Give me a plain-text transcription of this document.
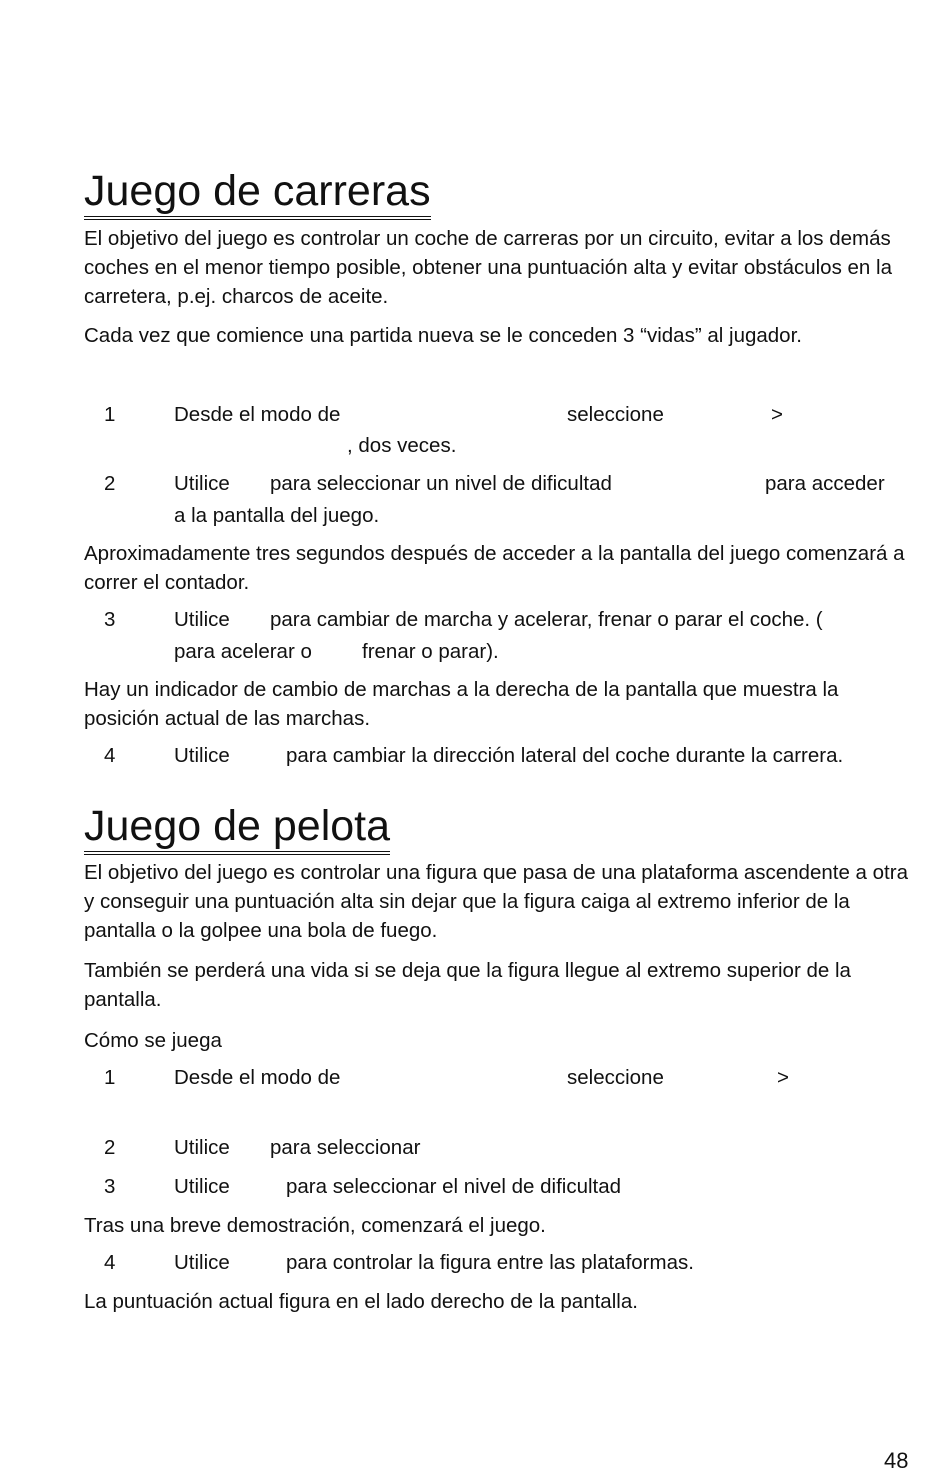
Juego de carreras

El objetivo del juego es controlar un coche de carreras por un circuito, evitar a los demás coches en el menor tiempo posible, obtener una puntuación alta y evitar obstáculos en la carretera, p.ej. charcos de aceite.

Cada vez que comience una partida nueva se le conceden 3 “vidas” al jugador.

1	Desde el modo de	seleccione	>
, dos veces.
2	Utilice para seleccionar un nivel de dificultad	para acceder
a la pantalla del juego.

Aproximadamente tres segundos después de acceder a la pantalla del juego comenzará a correr el contador.

3	Utilice para cambiar de marcha y acelerar, frenar o parar el coche. (
para acelerar o frenar o parar).

Hay un indicador de cambio de marchas a la derecha de la pantalla que muestra la posición actual de las marchas.

4	Utilice	para cambiar la dirección lateral del coche durante la carrera.
Juego de pelota

El objetivo del juego es controlar una figura que pasa de una plataforma ascendente a otra y conseguir una puntuación alta sin dejar que la figura caiga al extremo inferior de la pantalla o la golpee una bola de fuego.

También se perderá una vida si se deja que la figura llegue al extremo superior de la pantalla.

Cómo se juega

1	Desde el modo de	seleccione	>
2	Utilice para seleccionar
3	Utilice	para seleccionar el nivel de dificultad

Tras una breve demostración, comenzará el juego.

4	Utilice	para controlar la figura entre las plataformas.

La puntuación actual figura en el lado derecho de la pantalla.

48
